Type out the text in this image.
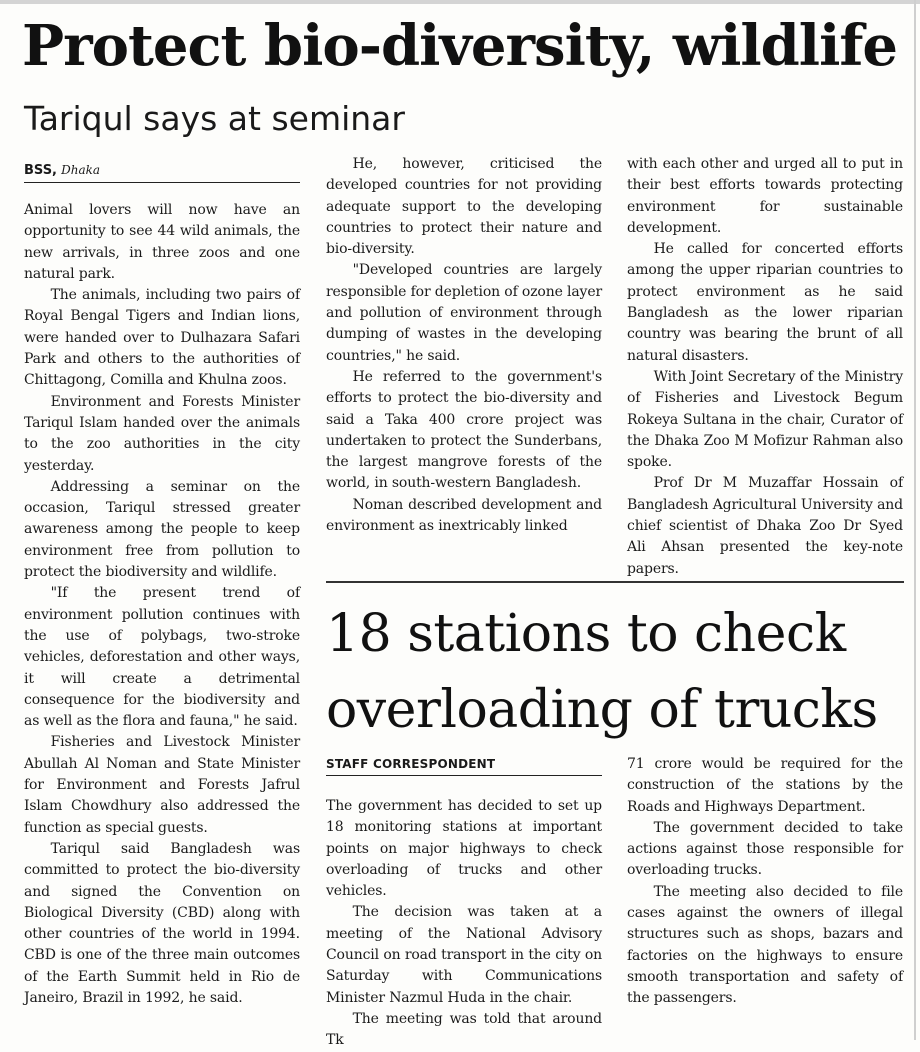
Protect bio-diversity, wildlife
Tariqul says at seminar
BSS, Dhaka

Animal lovers will now have an opportunity to see 44 wild animals, the new arrivals, in three zoos and one natural park.

The animals, including two pairs of Royal Bengal Tigers and Indian lions, were handed over to Dulhazara Safari Park and others to the authorities of Chittagong, Comilla and Khulna zoos.

Environment and Forests Minister Tariqul Islam handed over the animals to the zoo authorities in the city yesterday.

Addressing a seminar on the occasion, Tariqul stressed greater awareness among the people to keep environment free from pollution to protect the biodiversity and wildlife.

"If the present trend of environment pollution continues with the use of polybags, two-stroke vehicles, deforestation and other ways, it will create a detrimental consequence for the biodiversity and as well as the flora and fauna," he said.

Fisheries and Livestock Minister Abullah Al Noman and State Minister for Environment and Forests Jafrul Islam Chowdhury also addressed the function as special guests.

Tariqul said Bangladesh was committed to protect the bio-diversity and signed the Convention on Biological Diversity (CBD) along with other countries of the world in 1994. CBD is one of the three main outcomes of the Earth Summit held in Rio de Janeiro, Brazil in 1992, he said.

He, however, criticised the developed countries for not providing adequate support to the developing countries to protect their nature and bio-diversity.

"Developed countries are largely responsible for depletion of ozone layer and pollution of environment through dumping of wastes in the developing countries," he said.

He referred to the government's efforts to protect the bio-diversity and said a Taka 400 crore project was undertaken to protect the Sunderbans, the largest mangrove forests of the world, in south-western Bangladesh.

Noman described development and environment as inextricably linked

with each other and urged all to put in their best efforts towards protecting environment for sustainable development.

He called for concerted efforts among the upper riparian countries to protect environment as he said Bangladesh as the lower riparian country was bearing the brunt of all natural disasters.

With Joint Secretary of the Ministry of Fisheries and Livestock Begum Rokeya Sultana in the chair, Curator of the Dhaka Zoo M Mofizur Rahman also spoke.

Prof Dr M Muzaffar Hossain of Bangladesh Agricultural University and chief scientist of Dhaka Zoo Dr Syed Ali Ahsan presented the key-note papers.

18 stations to check overloading of trucks
STAFF CORRESPONDENT

The government has decided to set up 18 monitoring stations at important points on major highways to check overloading of trucks and other vehicles.

The decision was taken at a meeting of the National Advisory Council on road transport in the city on Saturday with Communications Minister Nazmul Huda in the chair.

The meeting was told that around Tk

71 crore would be required for the construction of the stations by the Roads and Highways Department.

The government decided to take actions against those responsible for overloading trucks.

The meeting also decided to file cases against the owners of illegal structures such as shops, bazars and factories on the highways to ensure smooth transportation and safety of the passengers.
